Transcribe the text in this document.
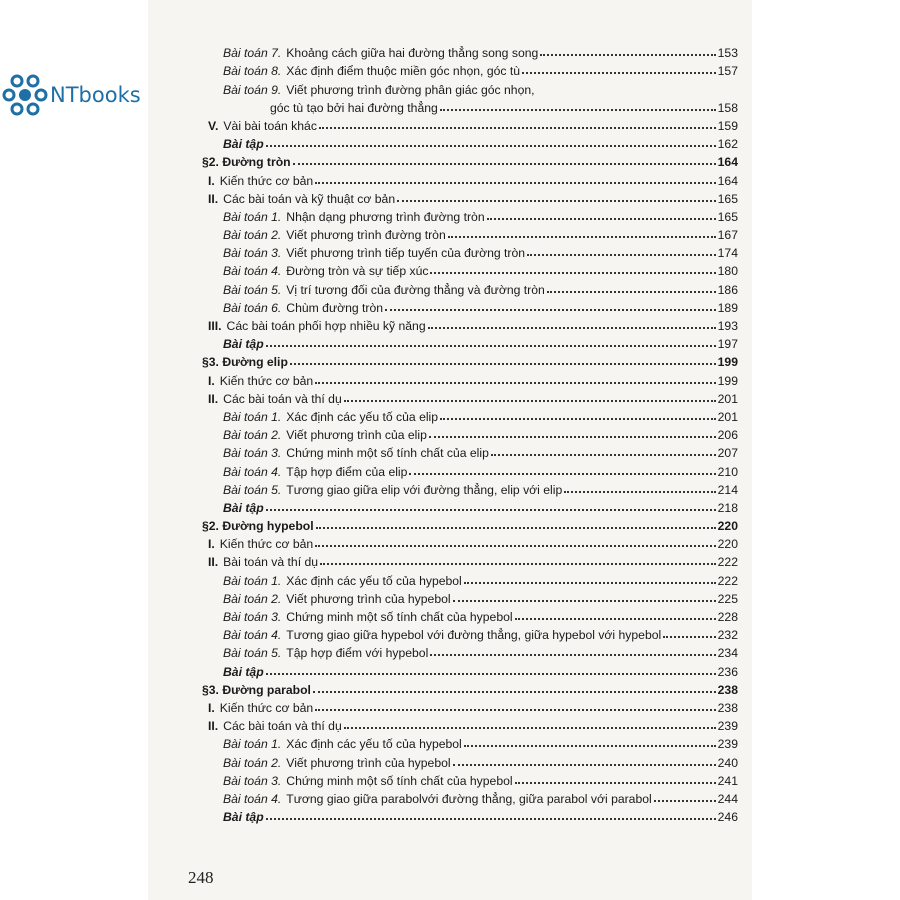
NTbooks
Bài toán 7. Khoảng cách giữa hai đường thẳng song song	153
Bài toán 8. Xác định điểm thuộc miền góc nhọn, góc tù	157
Bài toán 9. Viết phương trình đường phân giác góc nhọn,
góc tù tạo bởi hai đường thẳng	158
V. Vài bài toán khác	159
Bài tập	162
§2. Đường tròn	164
I. Kiến thức cơ bản	164
II. Các bài toán và kỹ thuật cơ bản	165
Bài toán 1. Nhận dạng phương trình đường tròn	165
Bài toán 2. Viết phương trình đường tròn	167
Bài toán 3. Viết phương trình tiếp tuyến của đường tròn	174
Bài toán 4. Đường tròn và sự tiếp xúc	180
Bài toán 5. Vị trí tương đối của đường thẳng và đường tròn	186
Bài toán 6. Chùm đường tròn	189
III. Các bài toán phối hợp nhiều kỹ năng	193
Bài tập	197
§3. Đường elip	199
I. Kiến thức cơ bản	199
II. Các bài toán và thí dụ	201
Bài toán 1. Xác định các yếu tố của elip	201
Bài toán 2. Viết phương trình của elip	206
Bài toán 3. Chứng minh một số tính chất của elip	207
Bài toán 4. Tập hợp điểm của elip	210
Bài toán 5. Tương giao giữa elip với đường thẳng, elip với elip	214
Bài tập	218
§2. Đường hypebol	220
I. Kiến thức cơ bản	220
II. Bài toán và thí dụ	222
Bài toán 1. Xác định các yếu tố của hypebol	222
Bài toán 2. Viết phương trình của hypebol	225
Bài toán 3. Chứng minh một số tính chất của hypebol	228
Bài toán 4. Tương giao giữa hypebol với đường thẳng, giữa hypebol với hypebol	232
Bài toán 5. Tập hợp điểm với hypebol	234
Bài tập	236
§3. Đường parabol	238
I. Kiến thức cơ bản	238
II. Các bài toán và thí dụ	239
Bài toán 1. Xác định các yếu tố của hypebol	239
Bài toán 2. Viết phương trình của hypebol	240
Bài toán 3. Chứng minh một số tính chất của hypebol	241
Bài toán 4. Tương giao giữa parabolvới đường thẳng, giữa parabol với parabol	244
Bài tập	246
248
